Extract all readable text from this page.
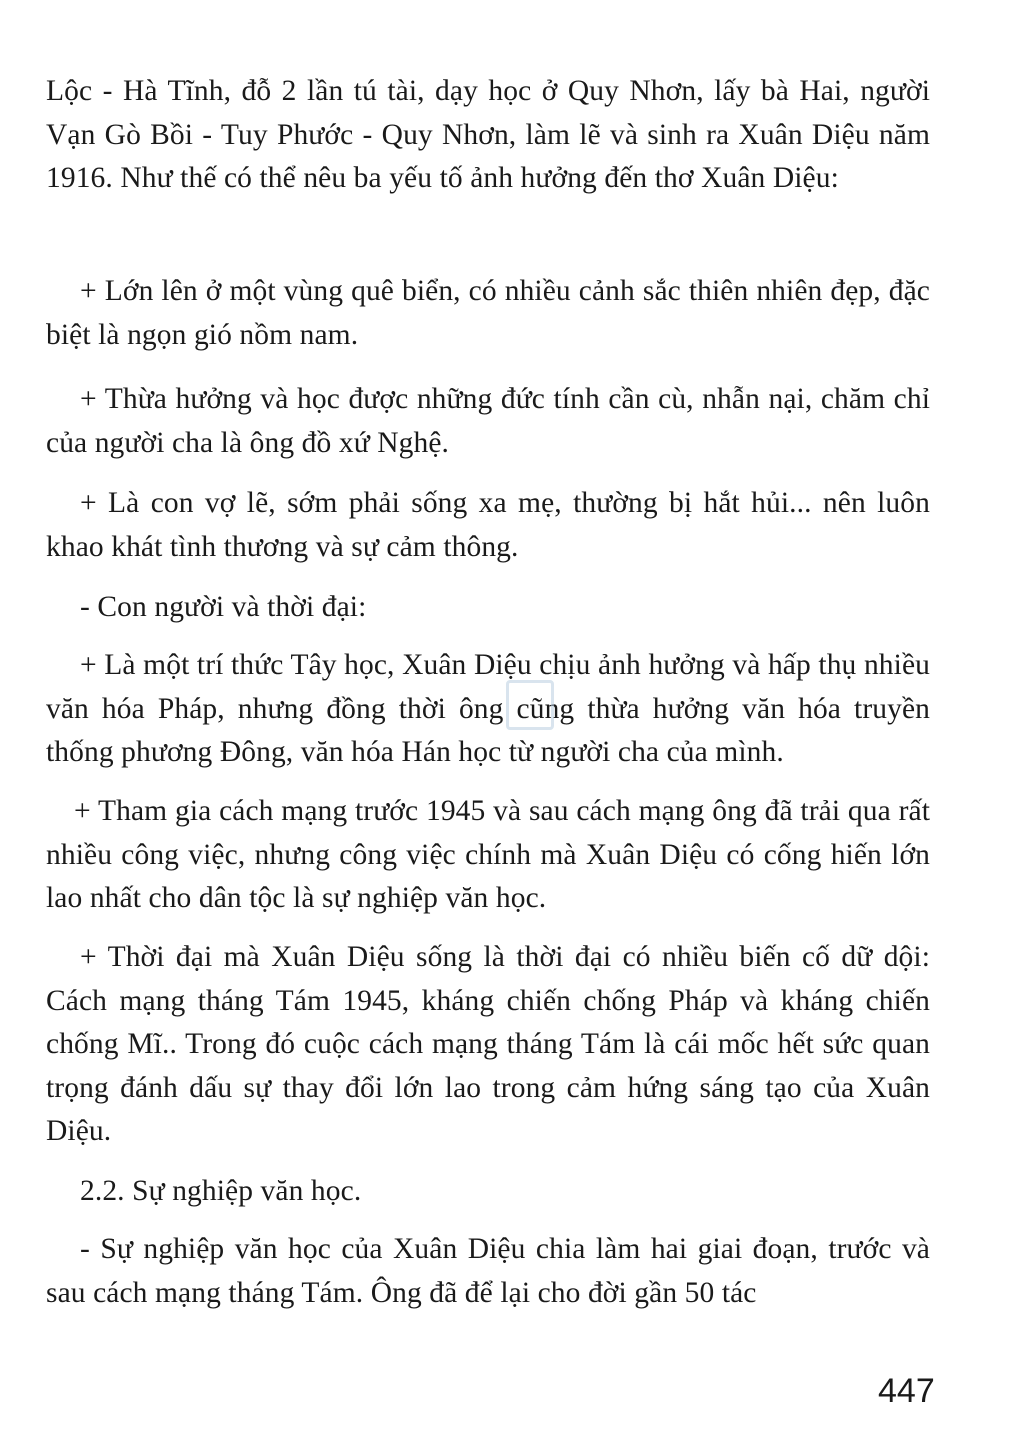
Lộc - Hà Tĩnh, đỗ 2 lần tú tài, dạy học ở Quy Nhơn, lấy bà Hai, người Vạn Gò Bồi - Tuy Phước - Quy Nhơn, làm lẽ và sinh ra Xuân Diệu năm 1916. Như thế có thể nêu ba yếu tố ảnh hưởng đến thơ Xuân Diệu:

+ Lớn lên ở một vùng quê biển, có nhiều cảnh sắc thiên nhiên đẹp, đặc biệt là ngọn gió nồm nam.

+ Thừa hưởng và học được những đức tính cần cù, nhẫn nại, chăm chỉ của người cha là ông đồ xứ Nghệ.

+ Là con vợ lẽ, sớm phải sống xa mẹ, thường bị hắt hủi... nên luôn khao khát tình thương và sự cảm thông.

- Con người và thời đại:

+ Là một trí thức Tây học, Xuân Diệu chịu ảnh hưởng và hấp thụ nhiều văn hóa Pháp, nhưng đồng thời ông cũng thừa hưởng văn hóa truyền thống phương Đông, văn hóa Hán học từ người cha của mình.

+ Tham gia cách mạng trước 1945 và sau cách mạng ông đã trải qua rất nhiều công việc, nhưng công việc chính mà Xuân Diệu có cống hiến lớn lao nhất cho dân tộc là sự nghiệp văn học.

+ Thời đại mà Xuân Diệu sống là thời đại có nhiều biến cố dữ dội: Cách mạng tháng Tám 1945, kháng chiến chống Pháp và kháng chiến chống Mĩ.. Trong đó cuộc cách mạng tháng Tám là cái mốc hết sức quan trọng đánh dấu sự thay đổi lớn lao trong cảm hứng sáng tạo của Xuân Diệu.

2.2. Sự nghiệp văn học.

- Sự nghiệp văn học của Xuân Diệu chia làm hai giai đoạn, trước và sau cách mạng tháng Tám. Ông đã để lại cho đời gần 50 tác

447
